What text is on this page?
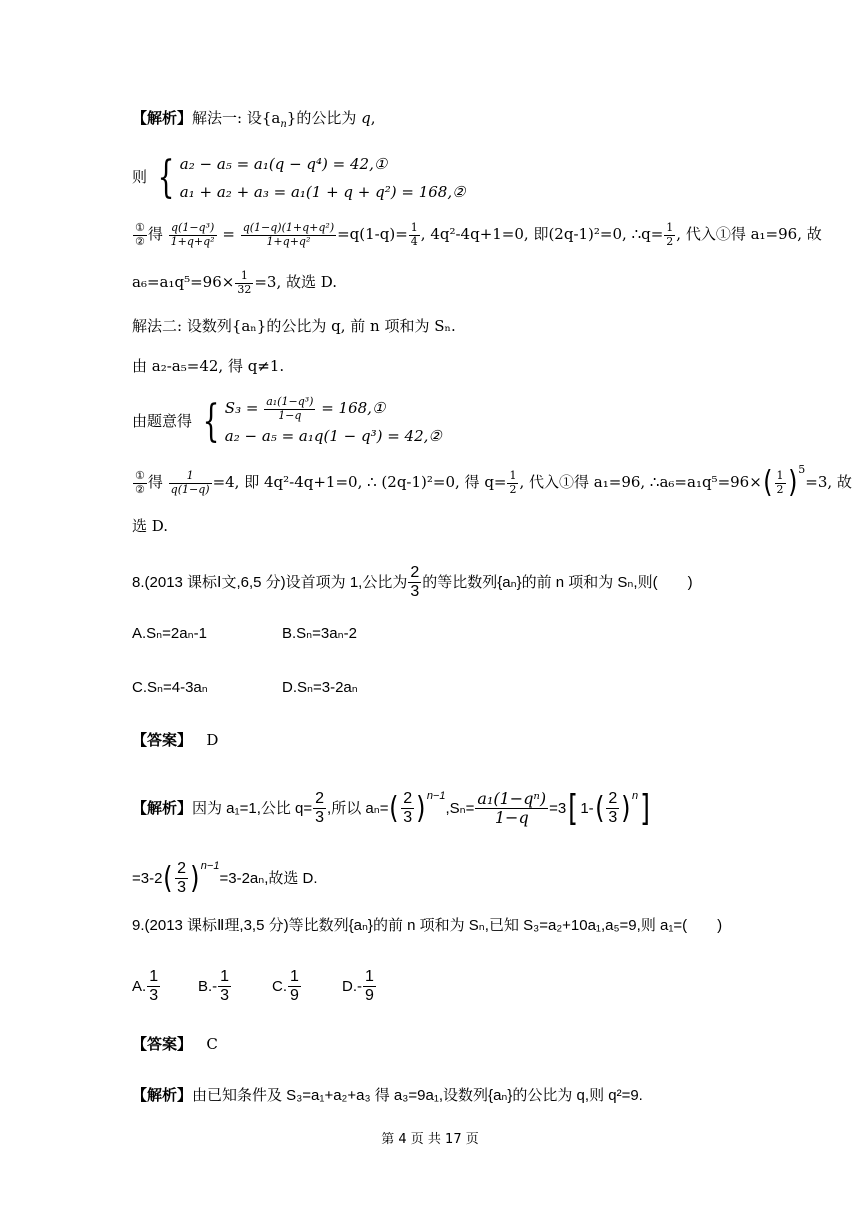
【解析】解法一: 设$\{a_n\}$的公比为 q,
则 { a₂ − a₅ = a₁(q − q⁴) = 42,①
a₁ + a₂ + a₃ = a₁(1 + q + q²) = 168,②
$\frac{\text{①}}{\text{②}}$ 得 $\frac{\text{q(1−q³)}}{\text{1+q+q²}} = \frac{\text{q(1−q)(1+q+q²)}}{\text{1+q+q²}} =q(1-q)= \frac{1}{4}$ , 4q²-4q+1=0, 即(2q-1)²=0, ∴q= $\frac{1}{2}$ , 代入①得 a₁=96, 故
$a_6=a_1q^5=96\times \frac{1}{32} =3$, 故选 D.
解法二: 设数列{aₙ}的公比为 q, 前 n 项和为 Sₙ.
由 a₂-a₅=42, 得 q≠1.
由题意得 { $S_3 = \frac{\text{a₁(1−q³)}}{1-q}$ = 168,①
a₂ − a₅ = a₁q(1 − q³) = 42,②
$\frac{\text{①}}{\text{②}}$ 得 $\frac{1}{q(1-q)} =4$, 即 4q²-4q+1=0, ∴ (2q-1)²=0, 得 $q= \frac{1}{2}$ , 代入①得 a₁=96, ∴a₆=a₁q⁵=96×( $\frac{1}{2} )^5=3$, 故
选 D.
8.(2013 课标Ⅰ文,6,5 分)设首项为 1,公比为 $\frac{2}{3}$ 的等比数列{aₙ}的前 n 项和为 Sₙ,则(　　)
A.Sₙ=2aₙ-1	B.Sₙ=3aₙ-2
C.Sₙ=4-3aₙ	D.Sₙ=3-2aₙ
【答案】 D
【解析】因为 a₁=1,公比 $q= \frac{2}{3}$ ,所以 $a_n=( \frac{2}{3} )^{n-1},S_n= \frac{\text{a₁(1−qⁿ)}}{1-q} =3$[ $1-( \frac{2}{3} )^n$]
$=3-2( \frac{2}{3} )^{n-1}=3-2a_n$,故选 D.
9.(2013 课标Ⅱ理,3,5 分)等比数列{aₙ}的前 n 项和为 Sₙ,已知 S₃=a₂+10a₁,a₅=9,则 a₁=(　　)
A. $\frac{1}{3}$	$B.- \frac{1}{3}$	C. $\frac{1}{9}$	$D.- \frac{1}{9}$
【答案】 C
【解析】由已知条件及 S₃=a₁+a₂+a₃ 得 a₃=9a₁,设数列{aₙ}的公比为 q,则 q²=9.
第 4 页 共 17 页
